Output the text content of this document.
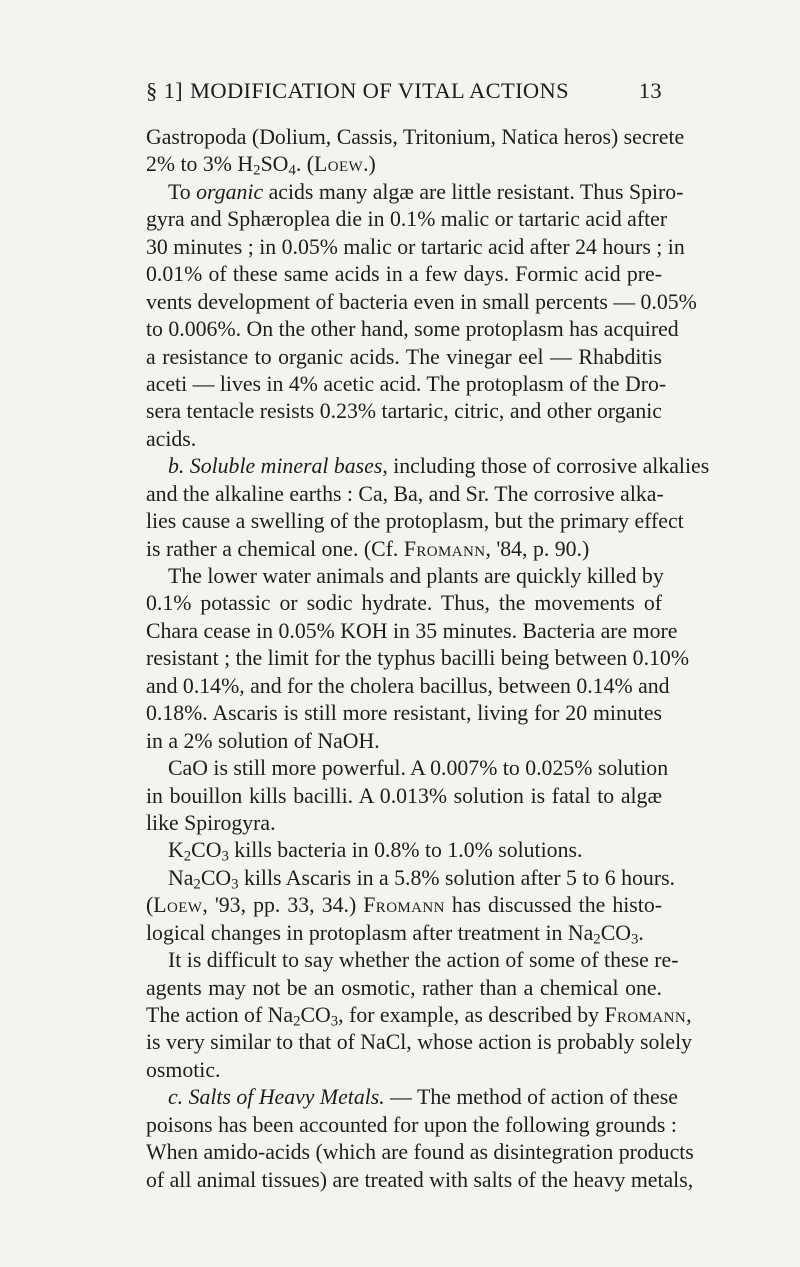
§ 1] MODIFICATION OF VITAL ACTIONS	13
Gastropoda (Dolium, Cassis, Tritonium, Natica heros) secrete
2% to 3% $H_2SO_4$. (Loew.)
To organic acids many algæ are little resistant. Thus Spiro-
gyra and Sphæroplea die in 0.1% malic or tartaric acid after
30 minutes ; in 0.05% malic or tartaric acid after 24 hours ; in
0.01% of these same acids in a few days. Formic acid pre-
vents development of bacteria even in small percents — 0.05%
to 0.006%. On the other hand, some protoplasm has acquired
a resistance to organic acids. The vinegar eel — Rhabditis
aceti — lives in 4% acetic acid. The protoplasm of the Dro-
sera tentacle resists 0.23% tartaric, citric, and other organic
acids.
b. Soluble mineral bases, including those of corrosive alkalies
and the alkaline earths : Ca, Ba, and Sr. The corrosive alka-
lies cause a swelling of the protoplasm, but the primary effect
is rather a chemical one. (Cf. Fromann, '84, p. 90.)
The lower water animals and plants are quickly killed by
0.1% potassic or sodic hydrate. Thus, the movements of
Chara cease in 0.05% KOH in 35 minutes. Bacteria are more
resistant ; the limit for the typhus bacilli being between 0.10%
and 0.14%, and for the cholera bacillus, between 0.14% and
0.18%. Ascaris is still more resistant, living for 20 minutes
in a 2% solution of NaOH.
CaO is still more powerful. A 0.007% to 0.025% solution
in bouillon kills bacilli. A 0.013% solution is fatal to algæ
like Spirogyra.
$K_2CO_3$ kills bacteria in 0.8% to 1.0% solutions.
$Na_2CO_3$ kills Ascaris in a 5.8% solution after 5 to 6 hours.
(Loew, '93, pp. 33, 34.) Fromann has discussed the histo-
logical changes in protoplasm after treatment in $Na_2CO_3$.
It is difficult to say whether the action of some of these re-
agents may not be an osmotic, rather than a chemical one.
The action of $Na_2CO_3$, for example, as described by Fromann,
is very similar to that of NaCl, whose action is probably solely
osmotic.
c. Salts of Heavy Metals. — The method of action of these
poisons has been accounted for upon the following grounds :
When amido-acids (which are found as disintegration products
of all animal tissues) are treated with salts of the heavy metals,
